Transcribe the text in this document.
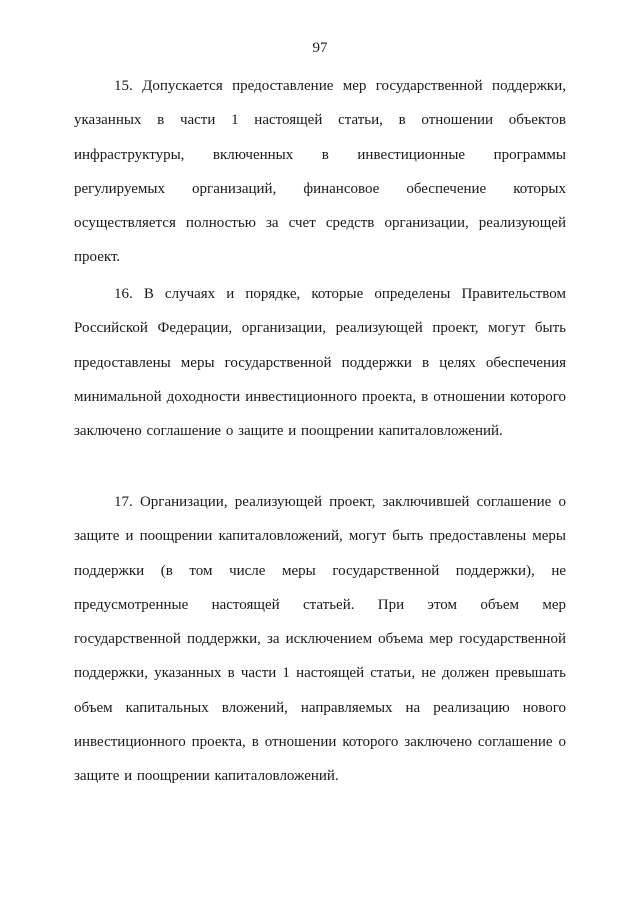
97

15. Допускается предоставление мер государственной поддержки, указанных в части 1 настоящей статьи, в отношении объектов инфраструктуры, включенных в инвестиционные программы регулируемых организаций, финансовое обеспечение которых осуществляется полностью за счет средств организации, реализующей проект.

16. В случаях и порядке, которые определены Правительством Российской Федерации, организации, реализующей проект, могут быть предоставлены меры государственной поддержки в целях обеспечения минимальной доходности инвестиционного проекта, в отношении которого заключено соглашение о защите и поощрении капиталовложений.

17. Организации, реализующей проект, заключившей соглашение о защите и поощрении капиталовложений, могут быть предоставлены меры поддержки (в том числе меры государственной поддержки), не предусмотренные настоящей статьей. При этом объем мер государственной поддержки, за исключением объема мер государственной поддержки, указанных в части 1 настоящей статьи, не должен превышать объем капитальных вложений, направляемых на реализацию нового инвестиционного проекта, в отношении которого заключено соглашение о защите и поощрении капиталовложений.
